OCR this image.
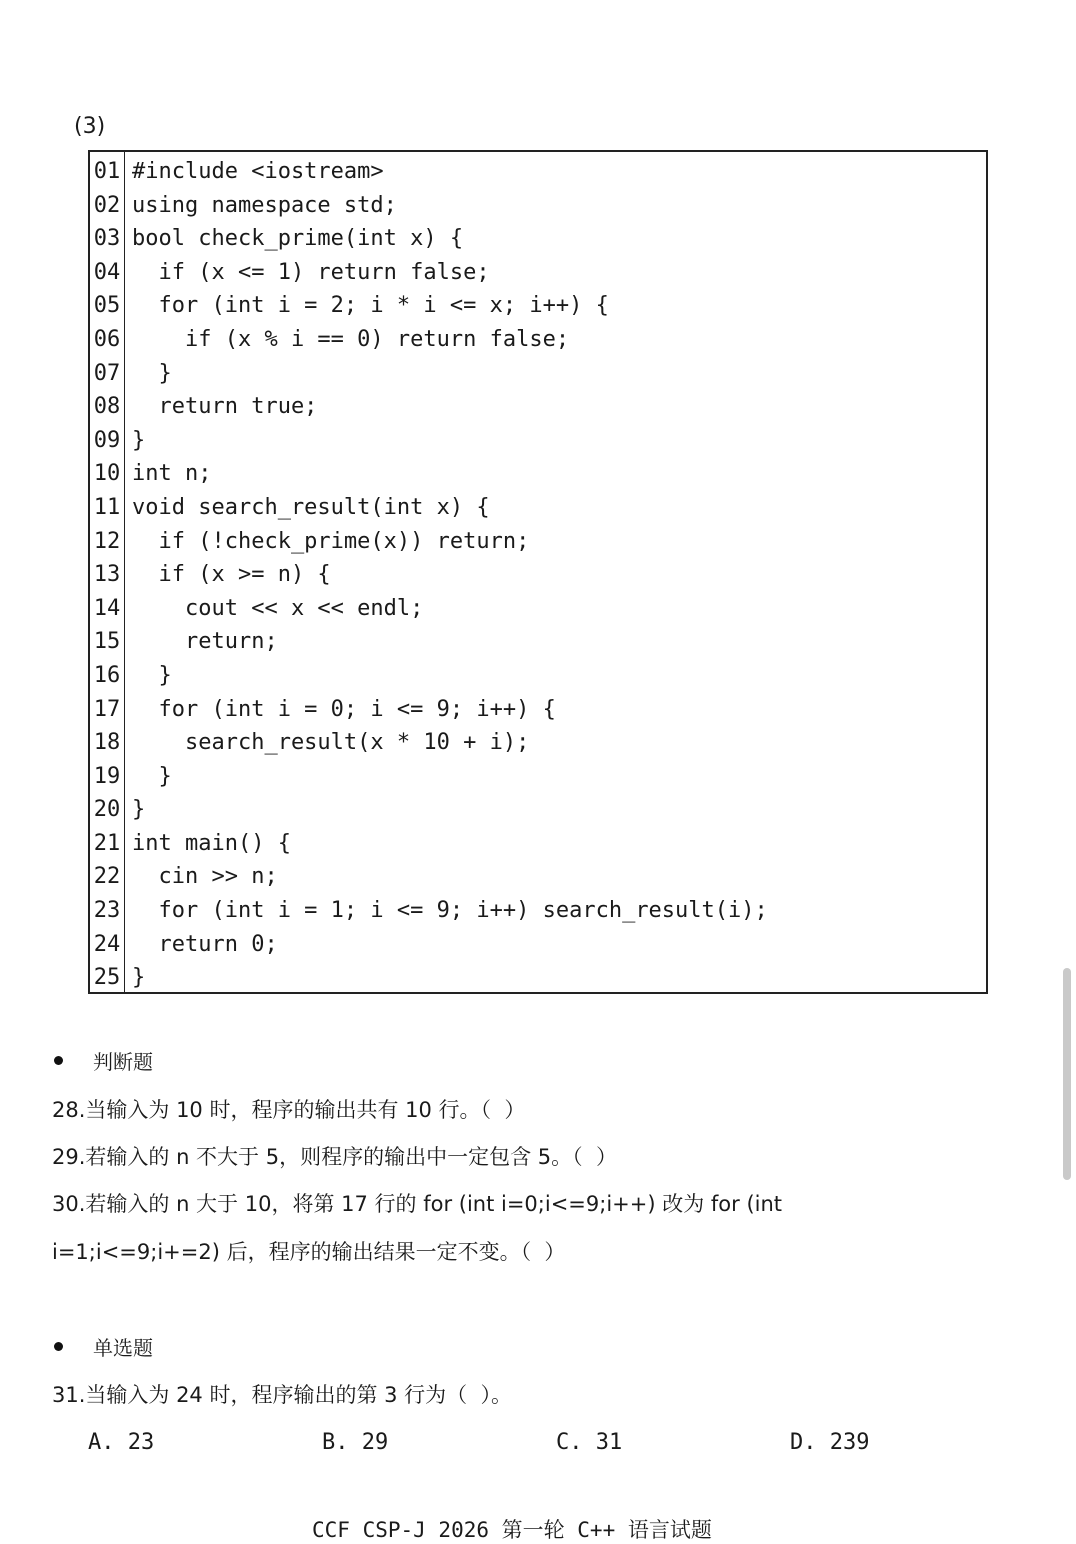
(3)
01 #include <iostream>
02 using namespace std;
03 bool check_prime(int x) {
04 if (x <= 1) return false;
05 for (int i = 2; i * i <= x; i++) {
06 if (x % i == 0) return false;
07 }
08 return true;
09 }
10 int n;
11 void search_result(int x) {
12 if (!check_prime(x)) return;
13 if (x >= n) {
14 cout << x << endl;
15 return;
16 }
17 for (int i = 0; i <= 9; i++) {
18 search_result(x * 10 + i);
19 }
20 }
21 int main() {
22 cin >> n;
23 for (int i = 1; i <= 9; i++) search_result(i);
24 return 0;
25 }
判断题
28.当输入为 10 时，程序的输出共有 10 行。（  ）
29.若输入的 n 不大于 5，则程序的输出中一定包含 5。（  ）
30.若输入的 n 大于 10，将第 17 行的 for (int i=0;i<=9;i++) 改为 for (int
i=1;i<=9;i+=2) 后，程序的输出结果一定不变。（  ）
单选题
31.当输入为 24 时，程序输出的第 3 行为（  ）。
A. 23	B. 29	C. 31	D. 239
CCF CSP-J 2026 第一轮 C++ 语言试题
